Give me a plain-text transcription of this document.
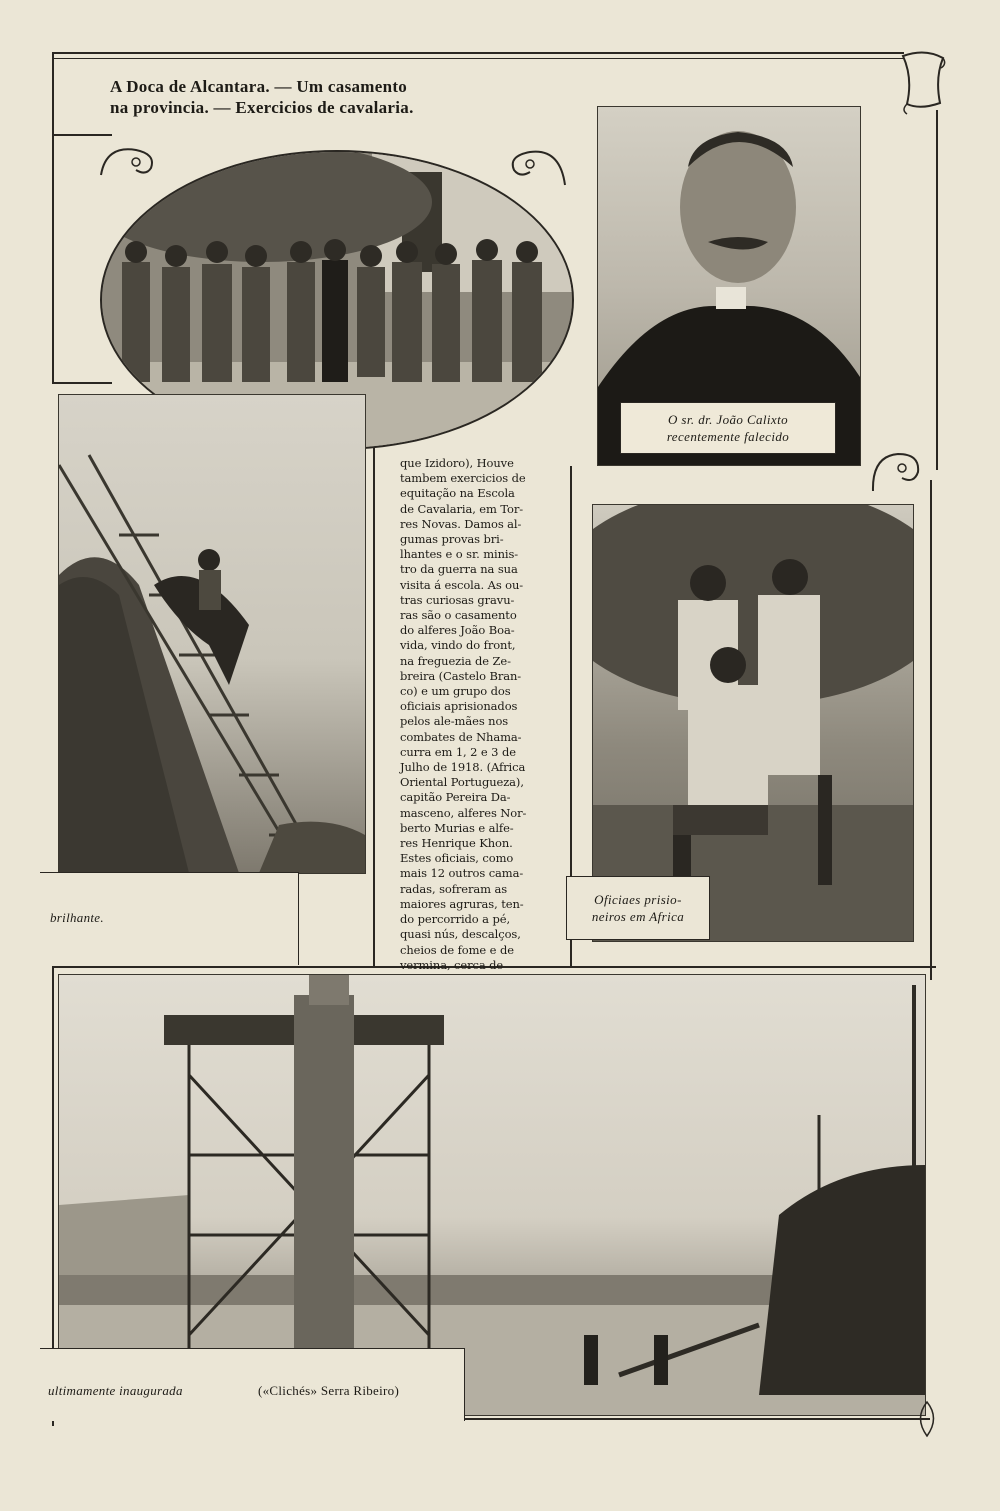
A Doca de Alcantara. — Um casamento
na provincia. — Exercicios de cavalaria.
O sr. dr. João Calixto
recentemente falecido
brilhante.

que Izidoro), Houve

tambem exercicios de

equitação na Escola

de Cavalaria, em Tor-

res Novas. Damos al-

gumas provas bri-

lhantes e o sr. minis-

tro da guerra na sua

visita á escola. As ou-

tras curiosas gravu-

ras são o casamento

do alferes João Boa-

vida, vindo do front,

na freguezia de Ze-

breira (Castelo Bran-

co) e um grupo dos

oficiais aprisionados

pelos ale-mães nos

combates de Nhama-

curra em 1, 2 e 3 de

Julho de 1918. (Africa

Oriental Portugueza),

capitão Pereira Da-

masceno, alferes Nor-

berto Murias e alfe-

res Henrique Khon.

Estes oficiais, como

mais 12 outros cama-

radas, sofreram as

maiores agruras, ten-

do percorrido a pé,

quasi nús, descalços,

cheios de fome e de

vermina, cerca de

Oficiaes prisio-
neiros em Africa
ultimamente inaugurada	(«Clichés» Serra Ribeiro)
